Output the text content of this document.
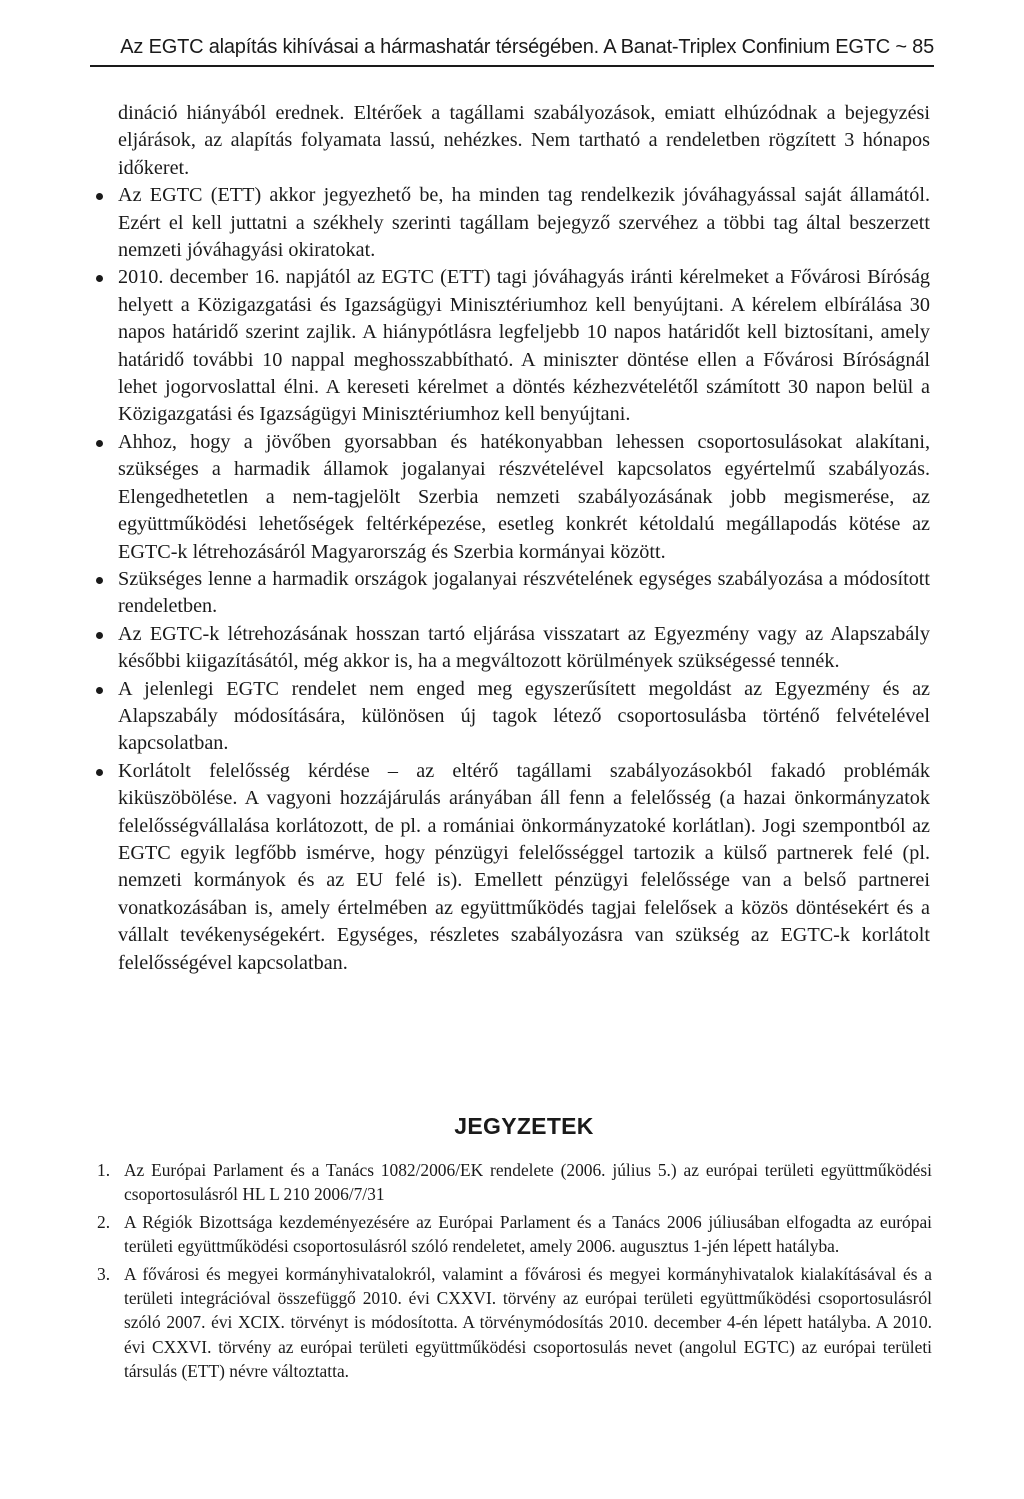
Az EGTC alapítás kihívásai a hármashatár térségében. A Banat-Triplex Confinium EGTC ~ 85

dináció hiányából erednek. Eltérőek a tagállami szabályozások, emiatt elhúzódnak a bejegyzési eljárások, az alapítás folyamata lassú, nehézkes. Nem tartható a rendeletben rögzített 3 hónapos időkeret.

Az EGTC (ETT) akkor jegyezhető be, ha minden tag rendelkezik jóváhagyással saját államától. Ezért el kell juttatni a székhely szerinti tagállam bejegyző szervéhez a többi tag által beszerzett nemzeti jóváhagyási okiratokat.
2010. december 16. napjától az EGTC (ETT) tagi jóváhagyás iránti kérelmeket a Fővárosi Bíróság helyett a Közigazgatási és Igazságügyi Minisztériumhoz kell benyújtani. A kérelem elbírálása 30 napos határidő szerint zajlik. A hiánypótlásra legfeljebb 10 napos határidőt kell biztosítani, amely határidő további 10 nappal meghosszabbítható. A miniszter döntése ellen a Fővárosi Bíróságnál lehet jogorvoslattal élni. A kereseti kérelmet a döntés kézhezvételétől számított 30 napon belül a Közigazgatási és Igazságügyi Minisztériumhoz kell benyújtani.
Ahhoz, hogy a jövőben gyorsabban és hatékonyabban lehessen csoportosulásokat alakítani, szükséges a harmadik államok jogalanyai részvételével kapcsolatos egyértelmű szabályozás. Elengedhetetlen a nem-tagjelölt Szerbia nemzeti szabályozásának jobb megismerése, az együttműködési lehetőségek feltérképezése, esetleg konkrét kétoldalú megállapodás kötése az EGTC-k létrehozásáról Magyarország és Szerbia kormányai között.
Szükséges lenne a harmadik országok jogalanyai részvételének egységes szabályozása a módosított rendeletben.
Az EGTC-k létrehozásának hosszan tartó eljárása visszatart az Egyezmény vagy az Alapszabály későbbi kiigazításától, még akkor is, ha a megváltozott körülmények szükségessé tennék.
A jelenlegi EGTC rendelet nem enged meg egyszerűsített megoldást az Egyezmény és az Alapszabály módosítására, különösen új tagok létező csoportosulásba történő felvételével kapcsolatban.
Korlátolt felelősség kérdése – az eltérő tagállami szabályozásokból fakadó problémák kiküszöbölése. A vagyoni hozzájárulás arányában áll fenn a felelősség (a hazai önkormányzatok felelősségvállalása korlátozott, de pl. a romániai önkormányzatoké korlátlan). Jogi szempontból az EGTC egyik legfőbb ismérve, hogy pénzügyi felelősséggel tartozik a külső partnerek felé (pl. nemzeti kormányok és az EU felé is). Emellett pénzügyi felelőssége van a belső partnerei vonatkozásában is, amely értelmében az együttműködés tagjai felelősek a közös döntésekért és a vállalt tevékenységekért. Egységes, részletes szabályozásra van szükség az EGTC-k korlátolt felelősségével kapcsolatban.
JEGYZETEK
1. Az Európai Parlament és a Tanács 1082/2006/EK rendelete (2006. július 5.) az európai területi együttműködési csoportosulásról HL L 210 2006/7/31
2. A Régiók Bizottsága kezdeményezésére az Európai Parlament és a Tanács 2006 júliusában elfogadta az európai területi együttműködési csoportosulásról szóló rendeletet, amely 2006. augusztus 1-jén lépett hatályba.
3. A fővárosi és megyei kormányhivatalokról, valamint a fővárosi és megyei kormányhivatalok kialakításával és a területi integrációval összefüggő 2010. évi CXXVI. törvény az európai területi együttműködési csoportosulásról szóló 2007. évi XCIX. törvényt is módosította. A törvénymódosítás 2010. december 4-én lépett hatályba. A 2010. évi CXXVI. törvény az európai területi együttműködési csoportosulás nevet (angolul EGTC) az európai területi társulás (ETT) névre változtatta.
